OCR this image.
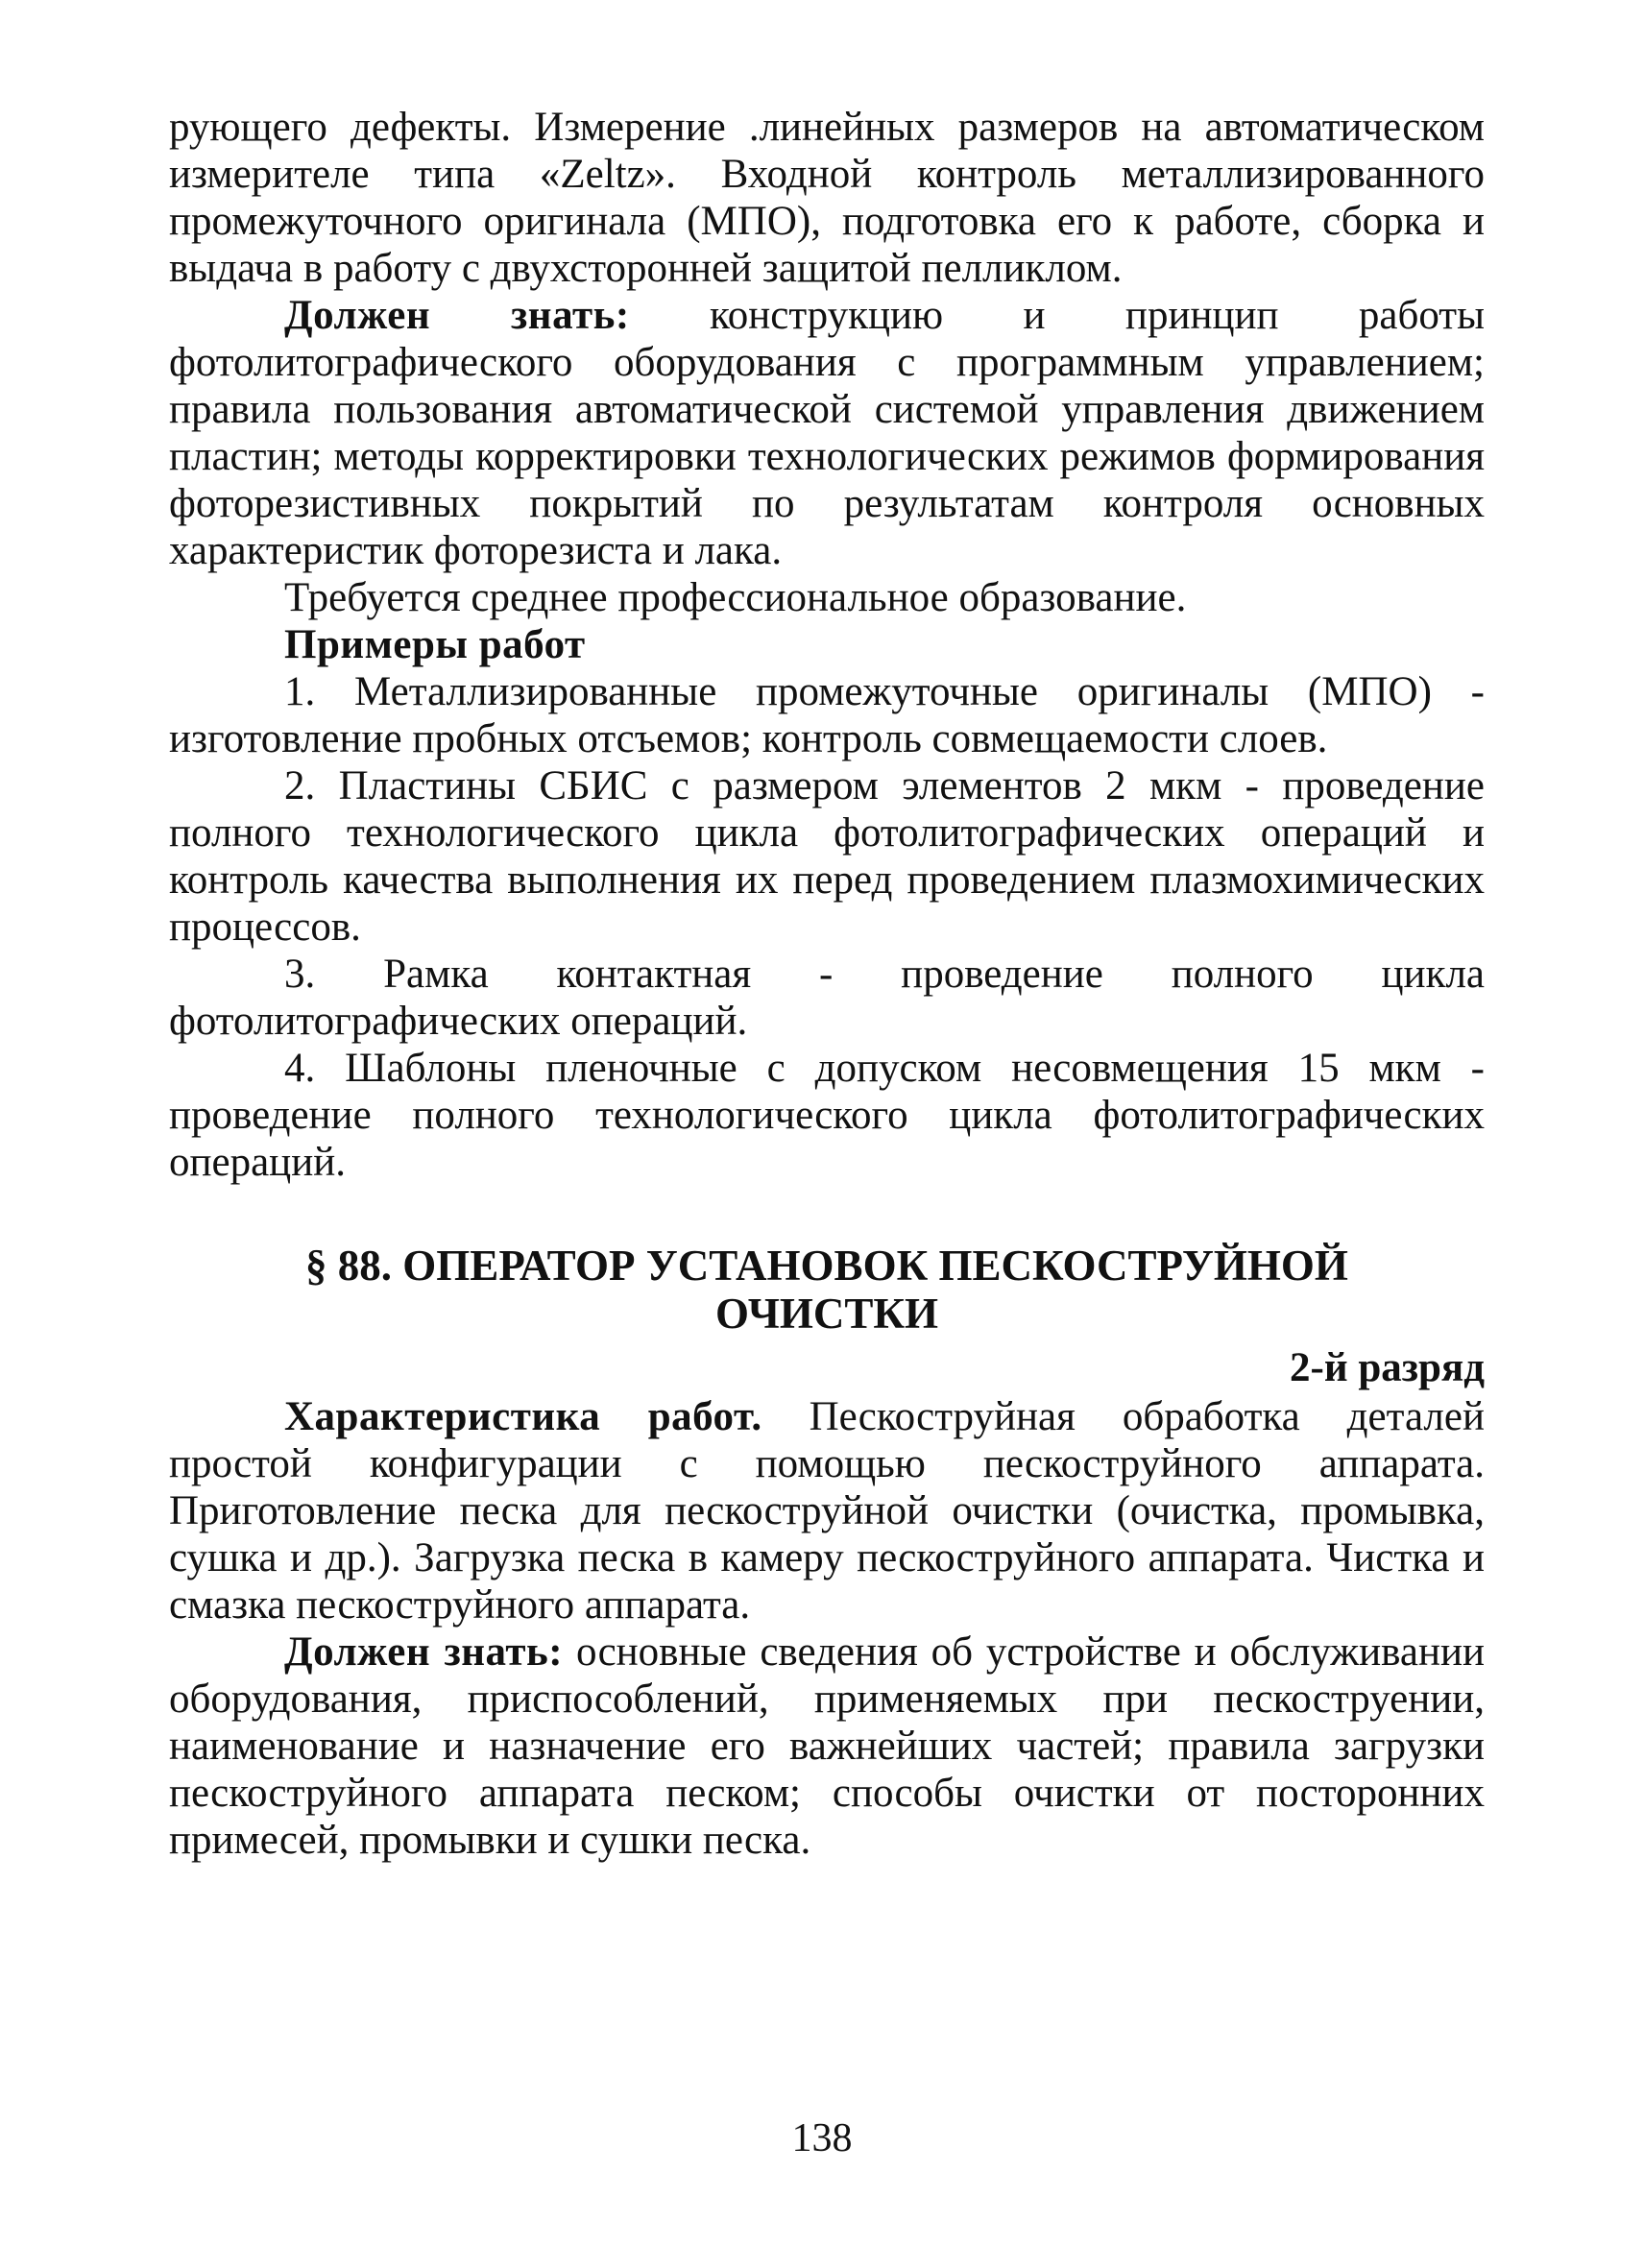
рующего дефекты. Измерение .линейных размеров на автоматическом измерителе типа «Zeltz». Входной контроль металлизированного промежуточного оригинала (МПО), подготовка его к работе, сборка и выдача в работу с двухсторонней защитой пелликлом.

Должен знать: конструкцию и принцип работы фотолитографического оборудования с программным управлением; правила пользования автоматической системой управления движением пластин; методы корректировки технологических режимов формирования фоторезистивных покрытий по результатам контроля основных характеристик фоторезиста и лака.

Требуется среднее профессиональное образование.

Примеры работ

1. Металлизированные промежуточные оригиналы (МПО) - изготовление пробных отсъемов; контроль совмещаемости слоев.

2. Пластины СБИС с размером элементов 2 мкм - проведение полного технологического цикла фотолитографических операций и контроль качества выполнения их перед проведением плазмохимических процессов.

3. Рамка контактная - проведение полного цикла фотолитографических операций.

4. Шаблоны пленочные с допуском несовмещения 15 мкм - проведение полного технологического цикла фотолитографических операций.

§ 88. ОПЕРАТОР УСТАНОВОК ПЕСКОСТРУЙНОЙ
ОЧИСТКИ

2-й разряд

Характеристика работ. Пескоструйная обработка деталей простой конфигурации с помощью пескоструйного аппарата. Приготовление песка для пескоструйной очистки (очистка, промывка, сушка и др.). Загрузка песка в камеру пескоструйного аппарата. Чистка и смазка пескоструйного аппарата.

Должен знать: основные сведения об устройстве и обслуживании оборудования, приспособлений, применяемых при пескоструении, наименование и назначение его важнейших частей; правила загрузки пескоструйного аппарата песком; способы очистки от посторонних примесей, промывки и сушки песка.

138
